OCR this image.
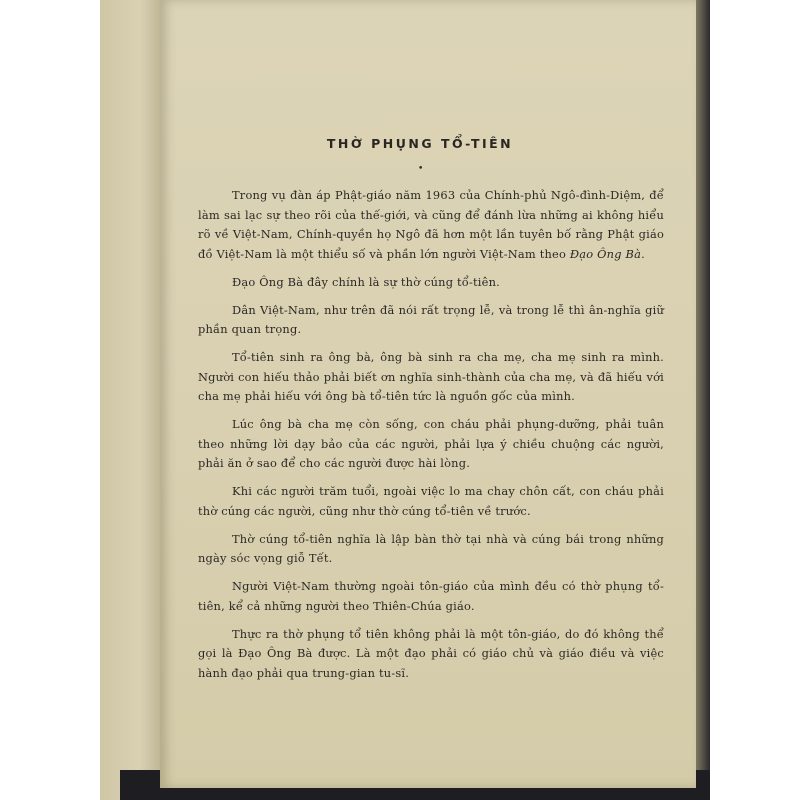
THỜ PHỤNG TỔ-TIÊN
•

Trong vụ đàn áp Phật-giáo năm 1963 của Chính-phủ Ngô-đình-Diệm, để làm sai lạc sự theo rõi của thế-giới, và cũng để đánh lừa những ai không hiểu rõ về Việt-Nam, Chính-quyền họ Ngô đã hơn một lần tuyên bố rằng Phật giáo đồ Việt-Nam là một thiểu số và phần lớn người Việt-Nam theo Đạo Ông Bà.

Đạo Ông Bà đây chính là sự thờ cúng tổ-tiên.

Dân Việt-Nam, như trên đã nói rất trọng lễ, và trong lễ thì ân-nghĩa giữ phần quan trọng.

Tổ-tiên sinh ra ông bà, ông bà sinh ra cha mẹ, cha mẹ sinh ra mình. Người con hiếu thảo phải biết ơn nghĩa sinh-thành của cha mẹ, và đã hiếu với cha mẹ phải hiếu với ông bà tổ-tiên tức là nguồn gốc của mình.

Lúc ông bà cha mẹ còn sống, con cháu phải phụng-dưỡng, phải tuân theo những lời dạy bảo của các người, phải lựa ý chiều chuộng các người, phải ăn ở sao để cho các người được hài lòng.

Khi các người trăm tuổi, ngoài việc lo ma chay chôn cất, con cháu phải thờ cúng các người, cũng như thờ cúng tổ-tiên về trước.

Thờ cúng tổ-tiên nghĩa là lập bàn thờ tại nhà và cúng bái trong những ngày sóc vọng giỗ Tết.

Người Việt-Nam thường ngoài tôn-giáo của mình đều có thờ phụng tổ-tiên, kể cả những người theo Thiên-Chúa giáo.

Thực ra thờ phụng tổ tiên không phải là một tôn-giáo, do đó không thể gọi là Đạo Ông Bà được. Là một đạo phải có giáo chủ và giáo điều và việc hành đạo phải qua trung-gian tu-sĩ.
